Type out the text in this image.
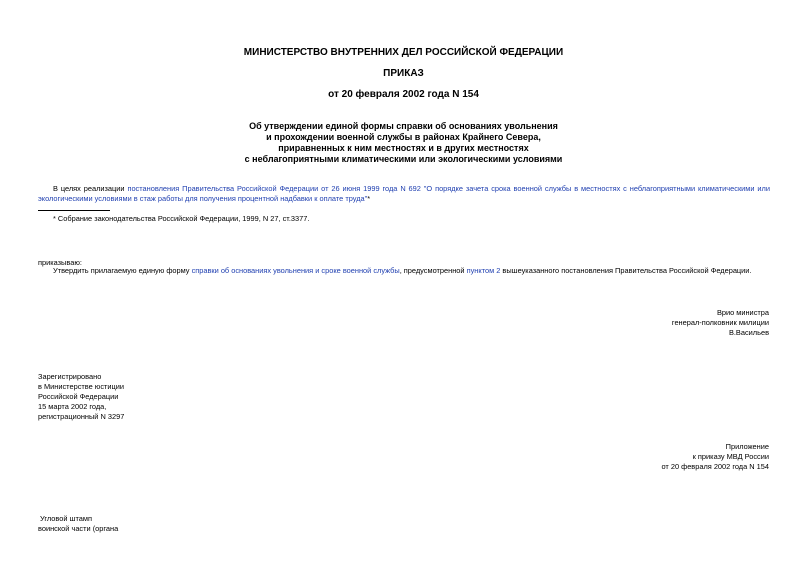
МИНИСТЕРСТВО ВНУТРЕННИХ ДЕЛ РОССИЙСКОЙ ФЕДЕРАЦИИ
ПРИКАЗ
от 20 февраля 2002 года N 154
Об утверждении единой формы справки об основаниях увольнения
и прохождении военной службы в районах Крайнего Севера,
приравненных к ним местностях и в других местностях
с неблагоприятными климатическими или экологическими условиями
В целях реализации постановления Правительства Российской Федерации от 26 июня 1999 года N 692 "О порядке зачета срока военной службы в местностях с неблагоприятными климатическими или экологическими условиями в стаж работы для получения процентной надбавки к оплате труда"*
* Собрание законодательства Российской Федерации, 1999, N 27, ст.3377.
приказываю:
Утвердить прилагаемую единую форму справки об основаниях увольнения и сроке военной службы, предусмотренной пунктом 2 вышеуказанного постановления Правительства Российской Федерации.
Врио министра
генерал-полковник милиции
В.Васильев
Зарегистрировано
в Министерстве юстиции
Российской Федерации
15 марта 2002 года,
регистрационный N 3297
Приложение
к приказу МВД России
от 20 февраля 2002 года N 154
Угловой штамп
воинской части (органа
